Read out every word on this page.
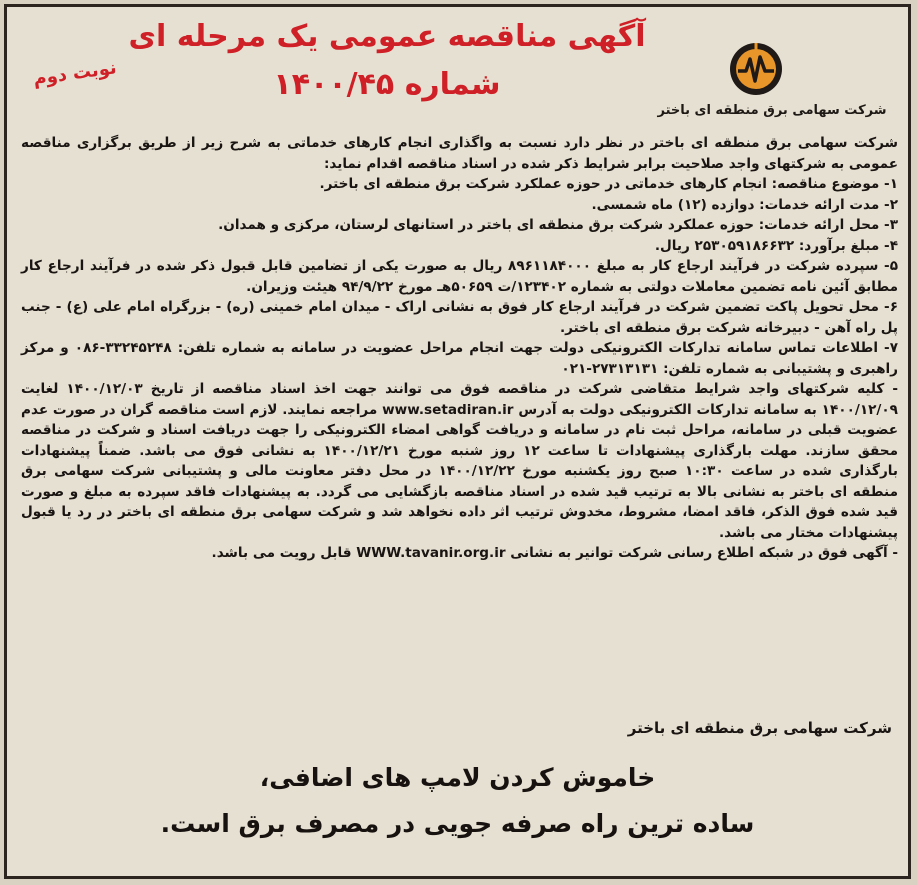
شرکت سهامی برق منطقه ای باختر
آگهی مناقصه عمومی یک مرحله ای
شماره ۱۴۰۰/۴۵
نوبت دوم

شرکت سهامی برق منطقه ای باختر در نظر دارد نسبت به واگذاری انجام کارهای خدماتی به شرح زیر از طریق برگزاری مناقصه عمومی به شرکتهای واجد صلاحیت برابر شرایط ذکر شده در اسناد مناقصه اقدام نماید:

۱- موضوع مناقصه: انجام کارهای خدماتی در حوزه عملکرد شرکت برق منطقه ای باختر.

۲- مدت ارائه خدمات: دوازده (۱۲) ماه شمسی.

۳- محل ارائه خدمات: حوزه عملکرد شرکت برق منطقه ای باختر در استانهای لرستان، مرکزی و همدان.

۴- مبلغ برآورد: ۲۵۳۰۵۹۱۸۶۶۳۲ ریال.

۵- سپرده شرکت در فرآیند ارجاع کار به مبلغ ۸۹۶۱۱۸۴۰۰۰ ریال به صورت یکی از تضامین قابل قبول ذکر شده در فرآیند ارجاع کار مطابق آئین نامه تضمین معاملات دولتی به شماره ۱۲۳۴۰۲/ت ۵۰۶۵۹هـ مورخ ۹۴/۹/۲۲ هیئت وزیران.

۶- محل تحویل پاکت تضمین شرکت در فرآیند ارجاع کار فوق به نشانی اراک - میدان امام خمینی (ره) - بزرگراه امام علی (ع) - جنب پل راه آهن - دبیرخانه شرکت برق منطقه ای باختر.

۷- اطلاعات تماس سامانه تدارکات الکترونیکی دولت جهت انجام مراحل عضویت در سامانه به شماره تلفن: ۳۳۲۴۵۲۴۸-۰۸۶ و مرکز راهبری و پشتیبانی به شماره تلفن: ۲۷۳۱۳۱۳۱-۰۲۱

- کلیه شرکتهای واجد شرایط متقاضی شرکت در مناقصه فوق می توانند جهت اخذ اسناد مناقصه از تاریخ ۱۴۰۰/۱۲/۰۳ لغایت ۱۴۰۰/۱۲/۰۹ به سامانه تدارکات الکترونیکی دولت به آدرس www.setadiran.ir مراجعه نمایند. لازم است مناقصه گران در صورت عدم عضویت قبلی در سامانه، مراحل ثبت نام در سامانه و دریافت گواهی امضاء الکترونیکی را جهت دریافت اسناد و شرکت در مناقصه محقق سازند. مهلت بارگذاری پیشنهادات تا ساعت ۱۲ روز شنبه مورخ ۱۴۰۰/۱۲/۲۱ به نشانی فوق می باشد. ضمناً پیشنهادات بارگذاری شده در ساعت ۱۰:۳۰ صبح روز یکشنبه مورخ ۱۴۰۰/۱۲/۲۲ در محل دفتر معاونت مالی و پشتیبانی شرکت سهامی برق منطقه ای باختر به نشانی بالا به ترتیب قید شده در اسناد مناقصه بازگشایی می گردد. به پیشنهادات فاقد سپرده به مبلغ و صورت قید شده فوق الذکر، فاقد امضا، مشروط، مخدوش ترتیب اثر داده نخواهد شد و شرکت سهامی برق منطقه ای باختر در رد یا قبول پیشنهادات مختار می باشد.

- آگهی فوق در شبکه اطلاع رسانی شرکت توانیر به نشانی WWW.tavanir.org.ir قابل رویت می باشد.

شرکت سهامی برق منطقه ای باختر
خاموش کردن لامپ های اضافی،
ساده ترین راه صرفه جویی در مصرف برق است.
